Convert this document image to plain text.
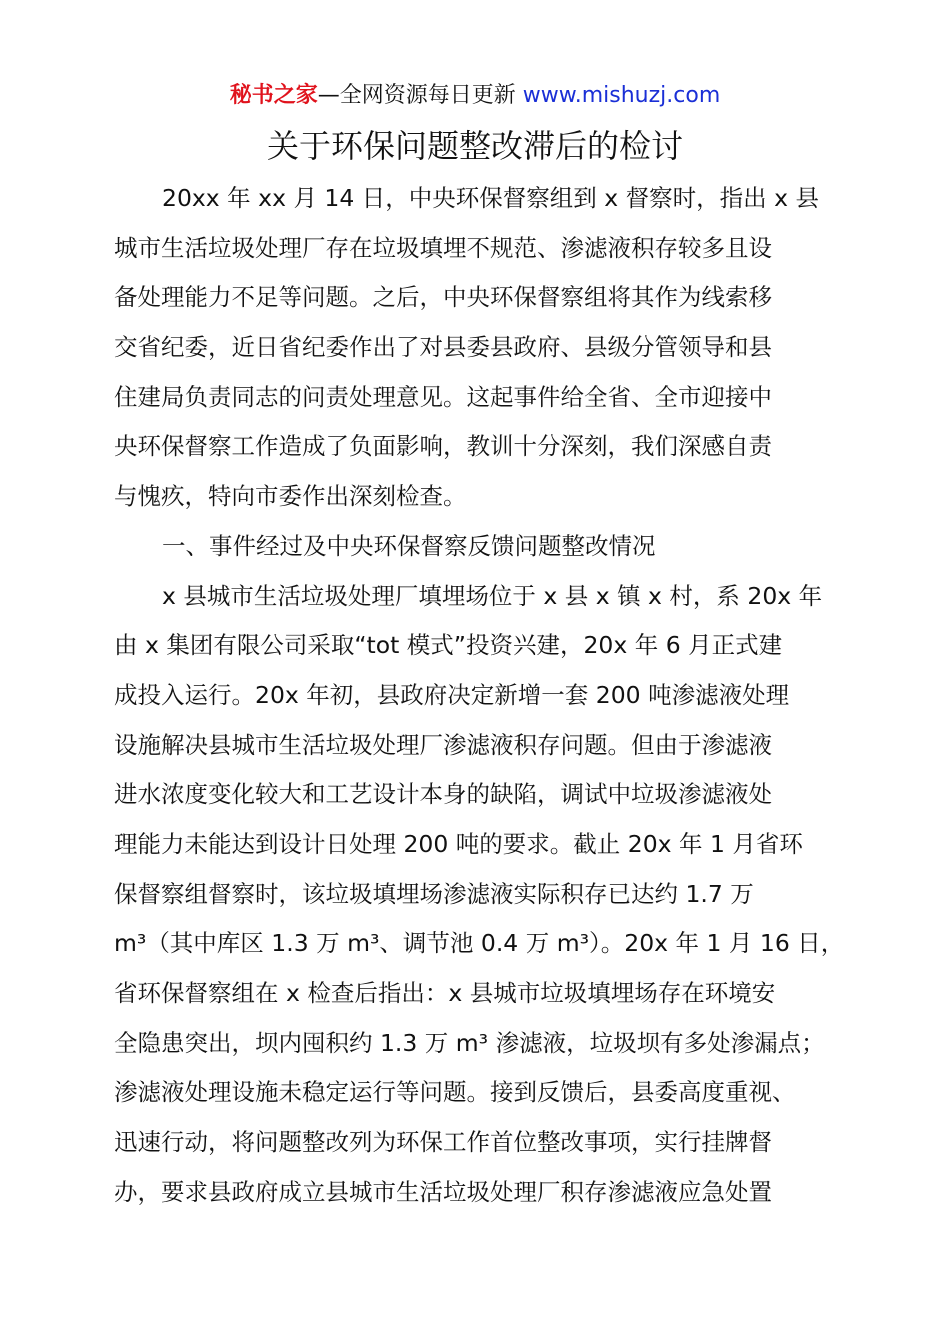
秘书之家—全网资源每日更新 www.mishuzj.com
关于环保问题整改滞后的检讨
20xx 年 xx 月 14 日，中央环保督察组到 x 督察时，指出 x 县
城市生活垃圾处理厂存在垃圾填埋不规范、渗滤液积存较多且设
备处理能力不足等问题。之后，中央环保督察组将其作为线索移
交省纪委，近日省纪委作出了对县委县政府、县级分管领导和县
住建局负责同志的问责处理意见。这起事件给全省、全市迎接中
央环保督察工作造成了负面影响，教训十分深刻，我们深感自责
与愧疚，特向市委作出深刻检查。
一、事件经过及中央环保督察反馈问题整改情况
x 县城市生活垃圾处理厂填埋场位于 x 县 x 镇 x 村，系 20x 年
由 x 集团有限公司采取“tot 模式”投资兴建，20x 年 6 月正式建
成投入运行。20x 年初，县政府决定新增一套 200 吨渗滤液处理
设施解决县城市生活垃圾处理厂渗滤液积存问题。但由于渗滤液
进水浓度变化较大和工艺设计本身的缺陷，调试中垃圾渗滤液处
理能力未能达到设计日处理 200 吨的要求。截止 20x 年 1 月省环
保督察组督察时，该垃圾填埋场渗滤液实际积存已达约 1.7 万
m³（其中库区 1.3 万 m³、调节池 0.4 万 m³）。20x 年 1 月 16 日，
省环保督察组在 x 检查后指出：x 县城市垃圾填埋场存在环境安
全隐患突出，坝内囤积约 1.3 万 m³ 渗滤液，垃圾坝有多处渗漏点；
渗滤液处理设施未稳定运行等问题。接到反馈后，县委高度重视、
迅速行动，将问题整改列为环保工作首位整改事项，实行挂牌督
办，要求县政府成立县城市生活垃圾处理厂积存渗滤液应急处置
